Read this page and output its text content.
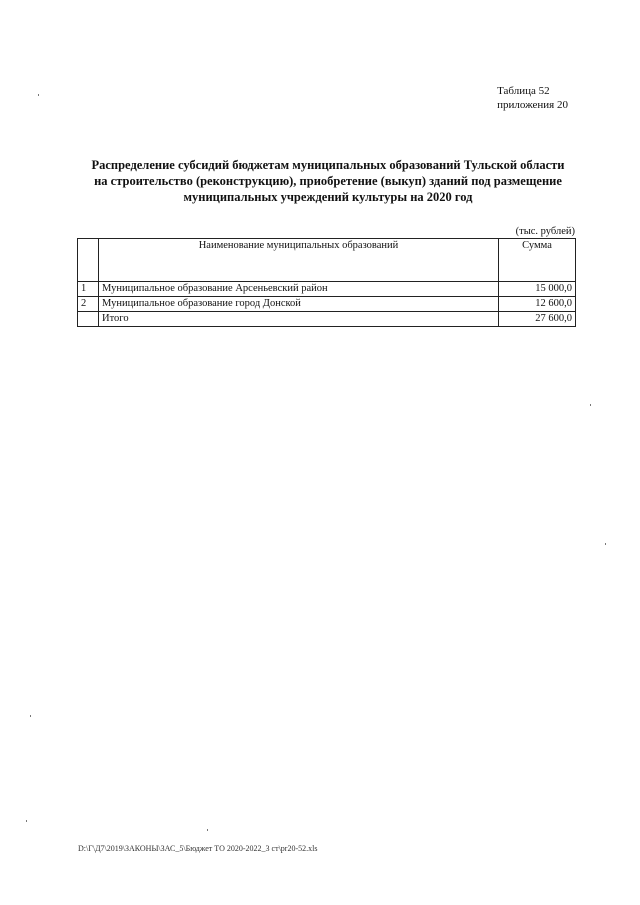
Таблица 52
приложения 20
Распределение субсидий бюджетам муниципальных образований Тульской области
на строительство (реконструкцию), приобретение (выкуп) зданий под размещение
муниципальных учреждений культуры на 2020 год
(тыс. рублей)
	Наименование муниципальных образований	Сумма
1	Муниципальное образование Арсеньевский район	15 000,0
2	Муниципальное образование город Донской	12 600,0
	Итого	27 600,0
D:\Г\Д7\2019\ЗАКОНЫ\ЗАС_5\Бюджет ТО 2020-2022_3 ст\pr20-52.xls
